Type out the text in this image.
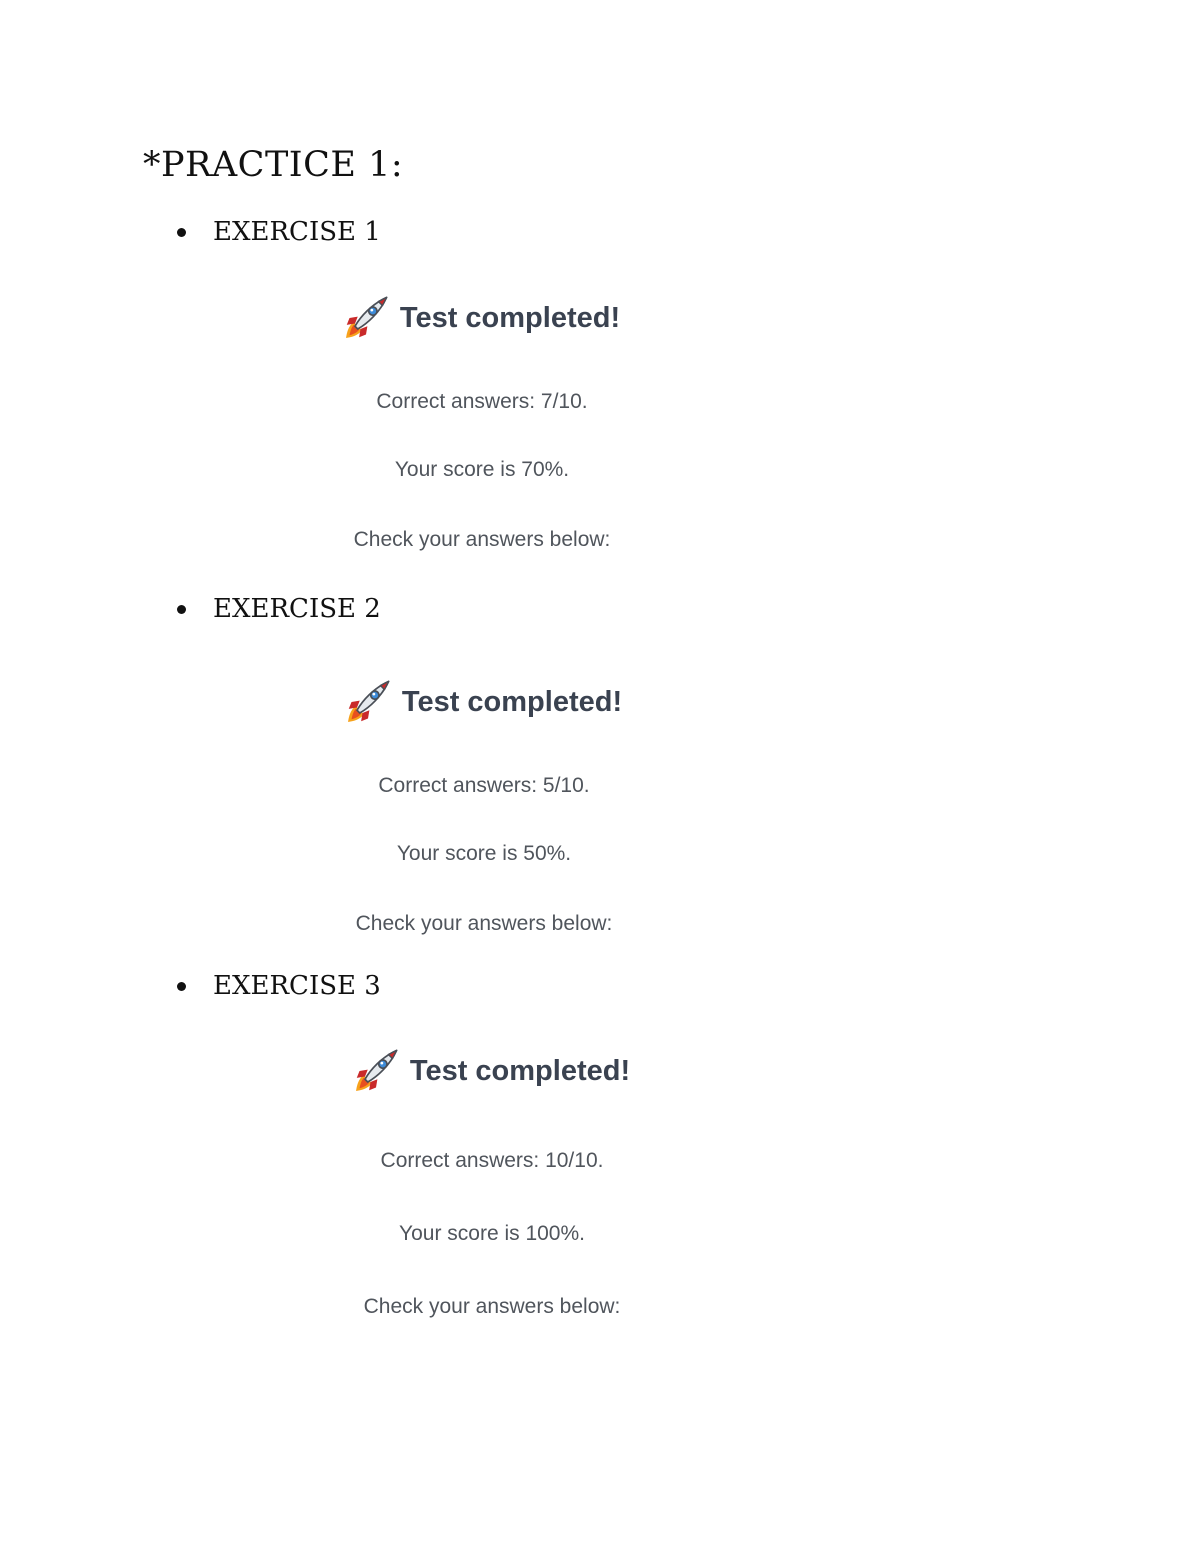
*PRACTICE 1:
EXERCISE 1
Test completed!
Correct answers: 7/10.
Your score is 70%.
Check your answers below:
EXERCISE 2
Test completed!
Correct answers: 5/10.
Your score is 50%.
Check your answers below:
EXERCISE 3
Test completed!
Correct answers: 10/10.
Your score is 100%.
Check your answers below:
